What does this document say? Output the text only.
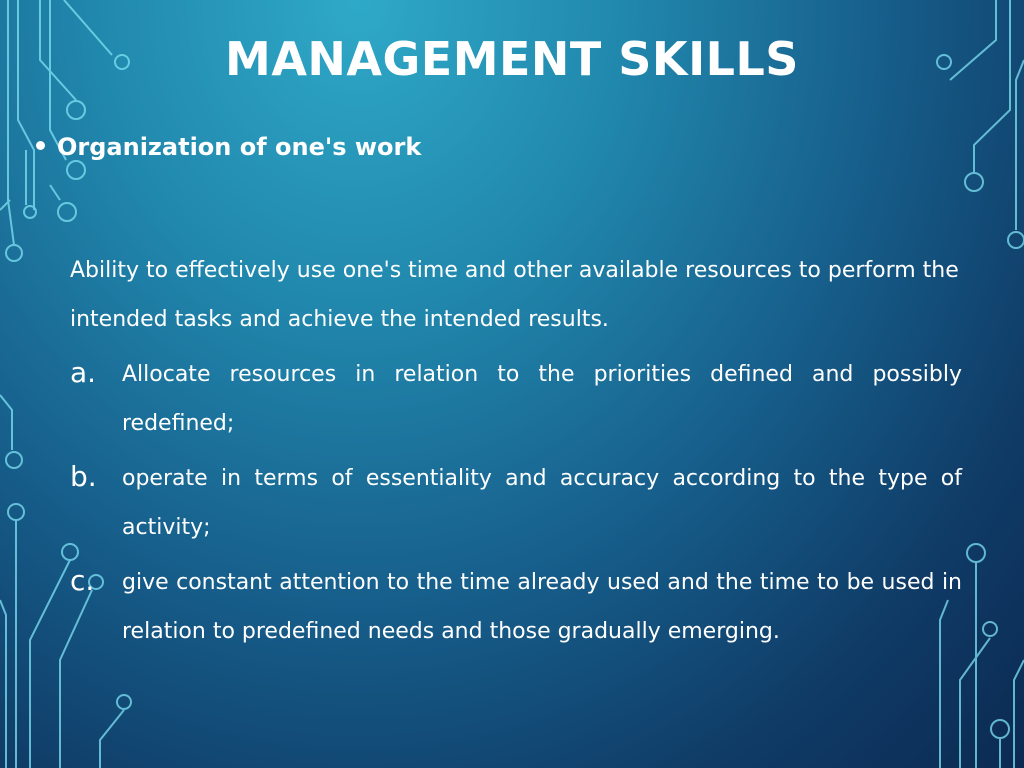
MANAGEMENT SKILLS
Organization of one's work

Ability to effectively use one's time and other available resources to perform the intended tasks and achieve the intended results.

a.	Allocate resources in relation to the priorities defined and possibly redefined;
b.	operate in terms of essentiality and accuracy according to the type of activity;
c.	give constant attention to the time already used and the time to be used in relation to predefined needs and those gradually emerging.
